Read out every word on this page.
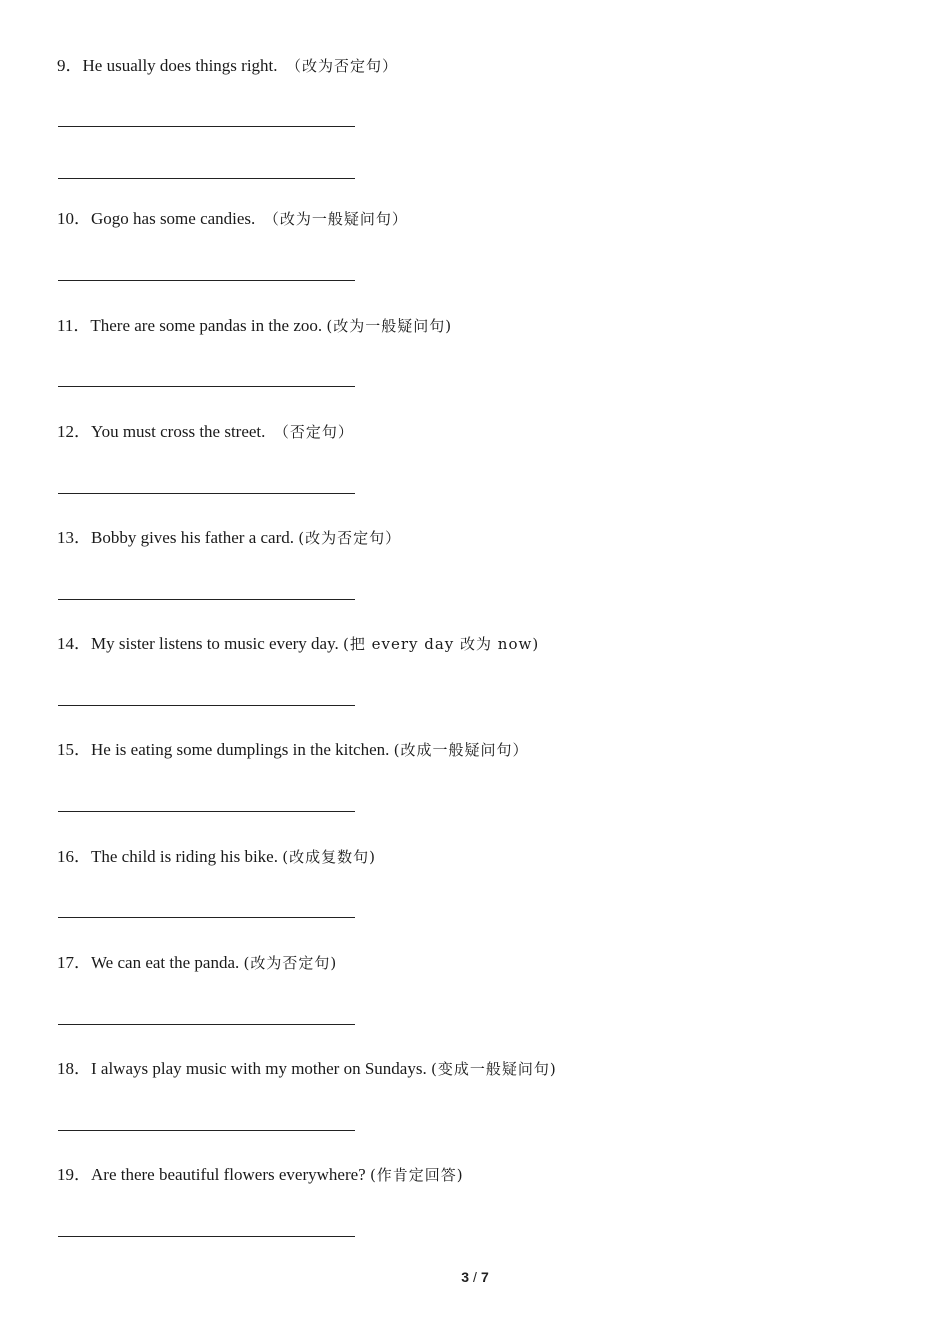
9．He usually does things right. （改为否定句）
10．Gogo has some candies. （改为一般疑问句）
11．There are some pandas in the zoo. (改为一般疑问句)
12．You must cross the street. （否定句）
13．Bobby gives his father a card. (改为否定句）
14．My sister listens to music every day. (把 every day 改为 now)
15．He is eating some dumplings in the kitchen. (改成一般疑问句）
16．The child is riding his bike. (改成复数句)
17．We can eat the panda. (改为否定句)
18．I always play music with my mother on Sundays. (变成一般疑问句)
19．Are there beautiful flowers everywhere? (作肯定回答)
3 / 7
